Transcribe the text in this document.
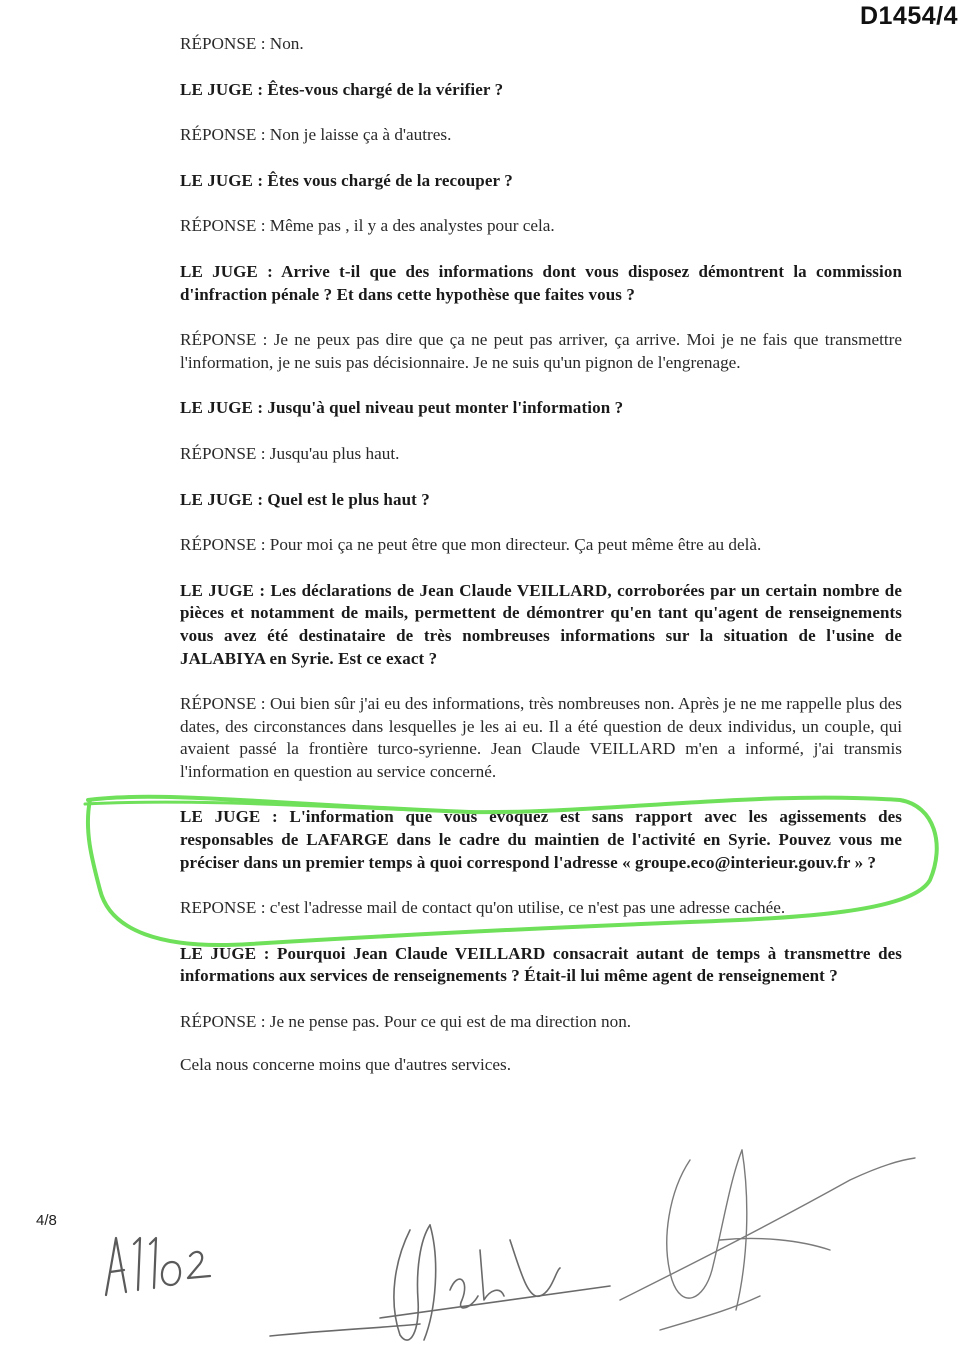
D1454/4

RÉPONSE : Non.

LE JUGE : Êtes-vous chargé de la vérifier ?

RÉPONSE : Non je laisse ça à d'autres.

LE JUGE : Êtes vous chargé de la recouper ?

RÉPONSE : Même pas , il y a des analystes pour cela.

LE JUGE : Arrive t-il que des informations dont vous disposez démontrent la commission d'infraction pénale ? Et dans cette hypothèse que faites vous ?

RÉPONSE : Je ne peux pas dire que ça ne peut pas arriver, ça arrive. Moi je ne fais que transmettre l'information, je ne suis pas décisionnaire. Je ne suis qu'un pignon de l'engrenage.

LE JUGE : Jusqu'à quel niveau peut monter l'information ?

RÉPONSE : Jusqu'au plus haut.

LE JUGE : Quel est le plus haut ?

RÉPONSE : Pour moi ça ne peut être que mon directeur. Ça peut même être au delà.

LE JUGE : Les déclarations de Jean Claude VEILLARD, corroborées par un certain nombre de pièces et notamment de mails, permettent de démontrer qu'en tant qu'agent de renseignements vous avez été destinataire de très nombreuses informations sur la situation de l'usine de JALABIYA en Syrie. Est ce exact ?

RÉPONSE : Oui bien sûr j'ai eu des informations, très nombreuses non. Après je ne me rappelle plus des dates, des circonstances dans lesquelles je les ai eu. Il a été question de deux individus, un couple, qui avaient passé la frontière turco-syrienne. Jean Claude VEILLARD m'en a informé, j'ai transmis l'information en question au service concerné.

LE JUGE : L'information que vous évoquez est sans rapport avec les agissements des responsables de LAFARGE dans le cadre du maintien de l'activité en Syrie. Pouvez vous me préciser dans un premier temps à quoi correspond l'adresse « groupe.eco@interieur.gouv.fr » ?

REPONSE : c'est l'adresse mail de contact qu'on utilise, ce n'est pas une adresse cachée.

LE JUGE : Pourquoi Jean Claude VEILLARD consacrait autant de temps à transmettre des informations aux services de renseignements ? Était-il lui même agent de renseignement ?

RÉPONSE : Je ne pense pas. Pour ce qui est de ma direction non.

Cela nous concerne moins que d'autres services.

4/8
